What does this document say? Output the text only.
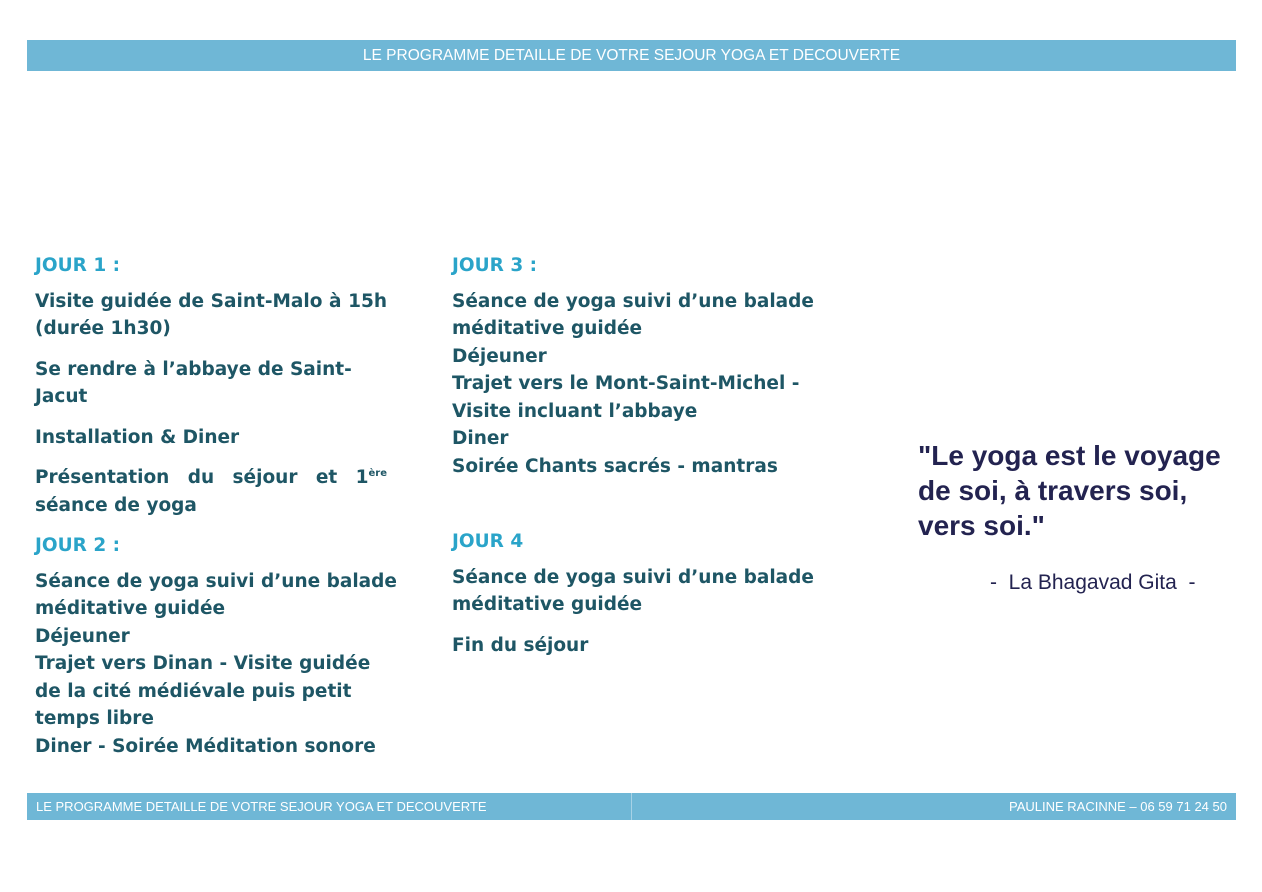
LE PROGRAMME DETAILLE DE VOTRE SEJOUR YOGA ET DECOUVERTE

JOUR 1 :

Visite guidée de Saint-Malo à 15h (durée 1h30)

Se rendre à l’abbaye de Saint-Jacut

Installation & Diner

Présentation du séjour et 1ère
séance de yoga

JOUR 2 :

Séance de yoga suivi d’une balade
méditative guidée
Déjeuner
Trajet vers Dinan - Visite guidée
de la cité médiévale puis petit
temps libre
Diner - Soirée Méditation sonore

JOUR 3 :

Séance de yoga suivi d’une balade
méditative guidée
Déjeuner
Trajet vers le Mont-Saint-Michel -
Visite incluant l’abbaye
Diner
Soirée Chants sacrés - mantras

JOUR 4

Séance de yoga suivi d’une balade
méditative guidée
Fin du séjour

"Le yoga est le voyage de soi, à travers soi, vers soi."

-  La Bhagavad Gita  -
LE PROGRAMME DETAILLE DE VOTRE SEJOUR YOGA ET DECOUVERTE	PAULINE RACINNE – 06 59 71 24 50
